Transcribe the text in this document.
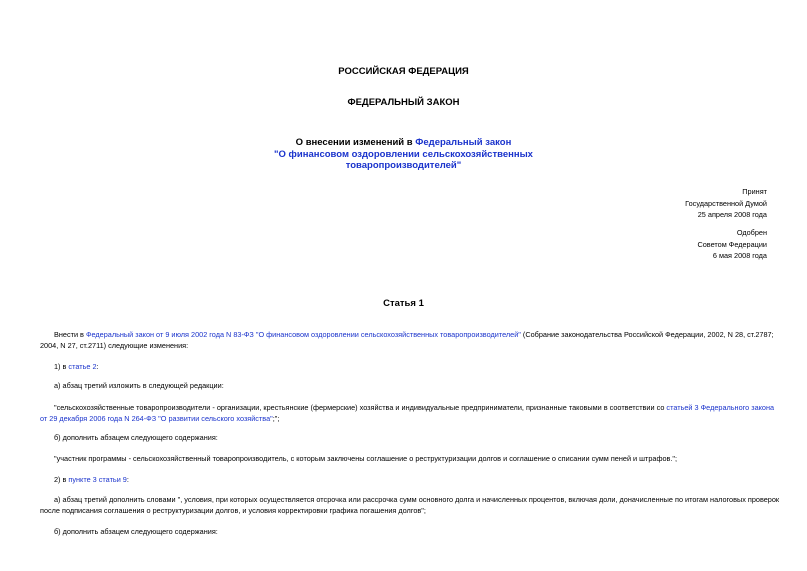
РОССИЙСКАЯ ФЕДЕРАЦИЯ
ФЕДЕРАЛЬНЫЙ ЗАКОН
О внесении изменений в Федеральный закон
"О финансовом оздоровлении сельскохозяйственных
товаропроизводителей"
Принят
Государственной Думой
25 апреля 2008 года
Одобрен
Советом Федерации
6 мая 2008 года
Статья 1
Внести в Федеральный закон от 9 июля 2002 года N 83-ФЗ "О финансовом оздоровлении сельскохозяйственных товаропроизводителей" (Собрание законодательства Российской Федерации, 2002, N 28, ст.2787;
2004, N 27, ст.2711) следующие изменения:
1) в статье 2:
а) абзац третий изложить в следующей редакции:
"сельскохозяйственные товаропроизводители - организации, крестьянские (фермерские) хозяйства и индивидуальные предприниматели, признанные таковыми в соответствии со статьей 3 Федерального закона
от 29 декабря 2006 года N 264-ФЗ "О развитии сельского хозяйства";";
б) дополнить абзацем следующего содержания:
"участник программы - сельскохозяйственный товаропроизводитель, с которым заключены соглашение о реструктуризации долгов и соглашение о списании сумм пеней и штрафов.";
2) в пункте 3 статьи 9:
а) абзац третий дополнить словами ", условия, при которых осуществляется отсрочка или рассрочка сумм основного долга и начисленных процентов, включая доли, доначисленные по итогам налоговых проверок
после подписания соглашения о реструктуризации долгов, и условия корректировки графика погашения долгов";
б) дополнить абзацем следующего содержания:
